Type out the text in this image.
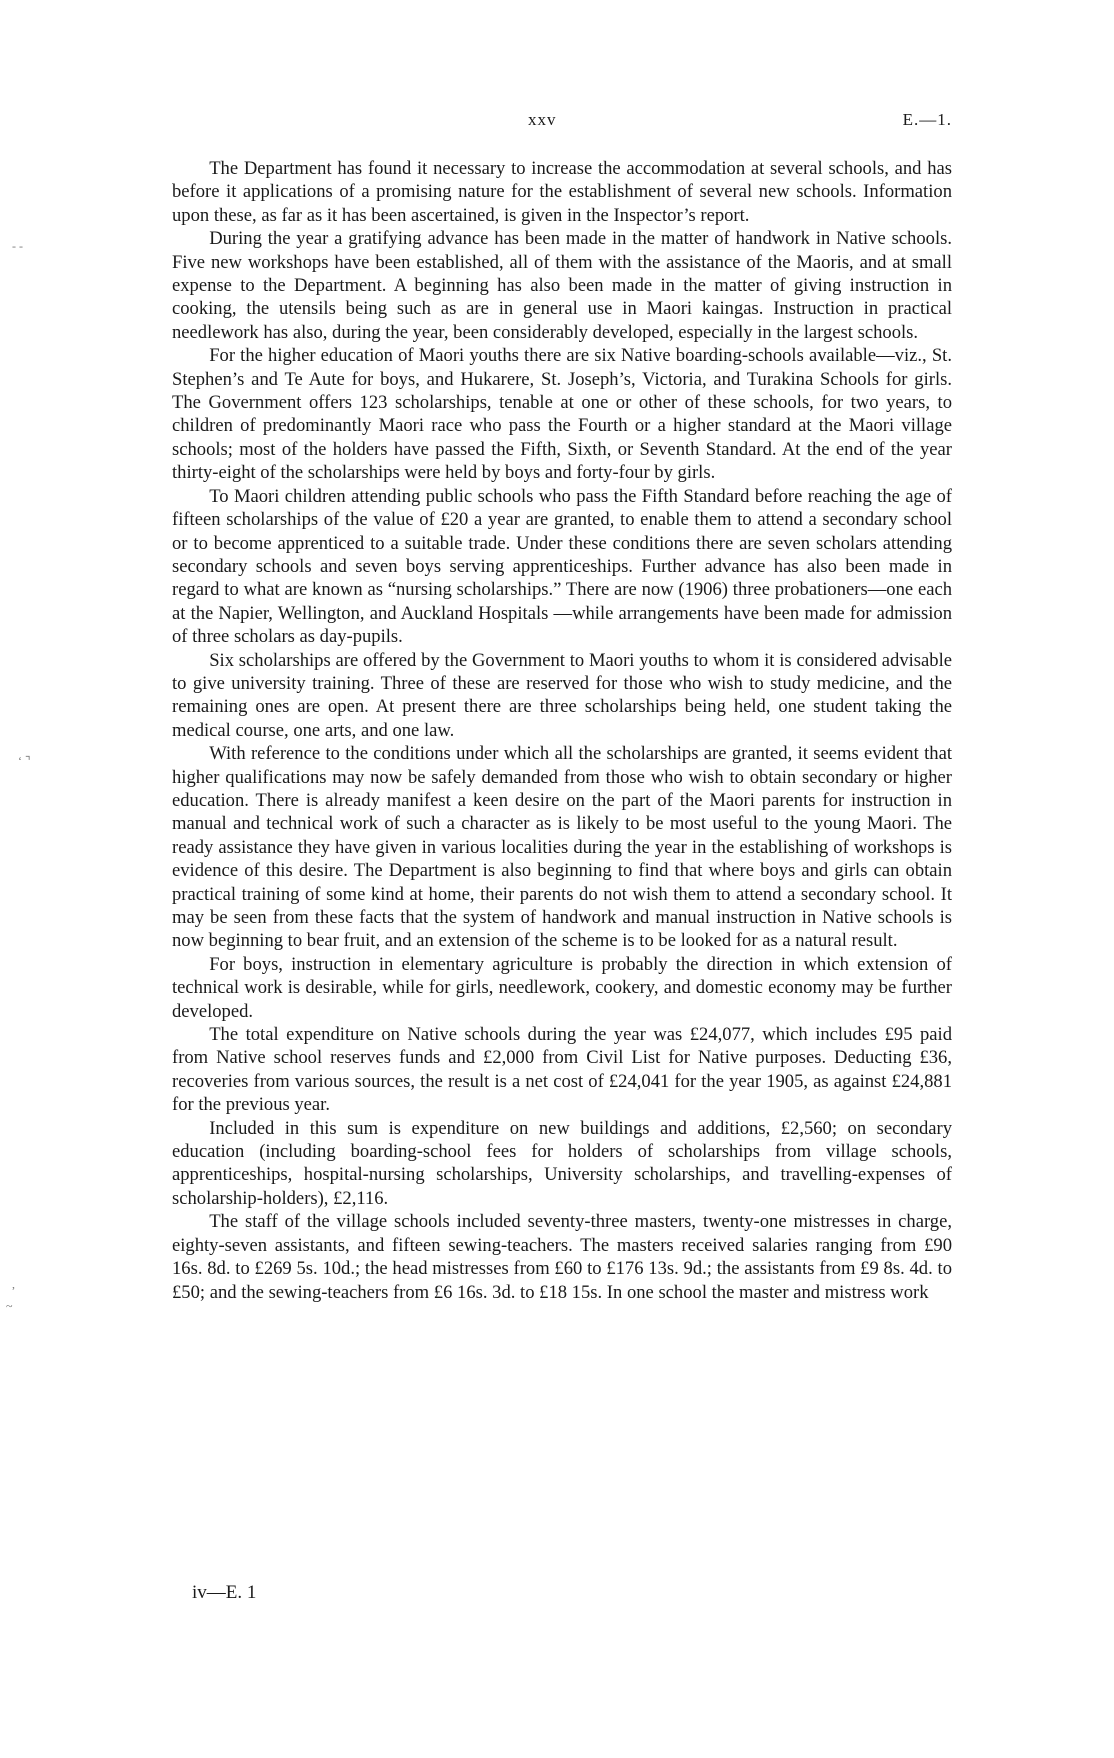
xxv	E.—1.
- -
‘ ⌝
,
~

The Department has found it necessary to increase the accommodation at several schools, and has before it applications of a promising nature for the establishment of several new schools. Information upon these, as far as it has been ascertained, is given in the Inspector’s report.

During the year a gratifying advance has been made in the matter of handwork in Native schools. Five new workshops have been established, all of them with the assistance of the Maoris, and at small expense to the Department. A beginning has also been made in the matter of giving instruction in cooking, the utensils being such as are in general use in Maori kaingas. Instruction in practical needlework has also, during the year, been considerably developed, especially in the largest schools.

For the higher education of Maori youths there are six Native boarding-schools available—viz., St. Stephen’s and Te Aute for boys, and Hukarere, St. Joseph’s, Victoria, and Turakina Schools for girls. The Government offers 123 scholarships, tenable at one or other of these schools, for two years, to children of predominantly Maori race who pass the Fourth or a higher standard at the Maori village schools; most of the holders have passed the Fifth, Sixth, or Seventh Standard. At the end of the year thirty-eight of the scholarships were held by boys and forty-four by girls.

To Maori children attending public schools who pass the Fifth Standard before reaching the age of fifteen scholarships of the value of £20 a year are granted, to enable them to attend a secondary school or to become apprenticed to a suitable trade. Under these conditions there are seven scholars attending secondary schools and seven boys serving apprenticeships. Further advance has also been made in regard to what are known as “nursing scholarships.” There are now (1906) three probationers—one each at the Napier, Wellington, and Auckland Hospitals —while arrangements have been made for admission of three scholars as day-pupils.

Six scholarships are offered by the Government to Maori youths to whom it is considered advisable to give university training. Three of these are reserved for those who wish to study medicine, and the remaining ones are open. At present there are three scholarships being held, one student taking the medical course, one arts, and one law.

With reference to the conditions under which all the scholarships are granted, it seems evident that higher qualifications may now be safely demanded from those who wish to obtain secondary or higher education. There is already manifest a keen desire on the part of the Maori parents for instruction in manual and technical work of such a character as is likely to be most useful to the young Maori. The ready assistance they have given in various localities during the year in the establishing of workshops is evidence of this desire. The Department is also beginning to find that where boys and girls can obtain practical training of some kind at home, their parents do not wish them to attend a secondary school. It may be seen from these facts that the system of handwork and manual instruction in Native schools is now beginning to bear fruit, and an extension of the scheme is to be looked for as a natural result.

For boys, instruction in elementary agriculture is probably the direction in which extension of technical work is desirable, while for girls, needlework, cookery, and domestic economy may be further developed.

The total expenditure on Native schools during the year was £24,077, which includes £95 paid from Native school reserves funds and £2,000 from Civil List for Native purposes. Deducting £36, recoveries from various sources, the result is a net cost of £24,041 for the year 1905, as against £24,881 for the previous year.

Included in this sum is expenditure on new buildings and additions, £2,560; on secondary education (including boarding-school fees for holders of scholarships from village schools, apprenticeships, hospital-nursing scholarships, University scholarships, and travelling-expenses of scholarship-holders), £2,116.

The staff of the village schools included seventy-three masters, twenty-one mistresses in charge, eighty-seven assistants, and fifteen sewing-teachers. The masters received salaries ranging from £90 16s. 8d. to £269 5s. 10d.; the head mistresses from £60 to £176 13s. 9d.; the assistants from £9 8s. 4d. to £50; and the sewing-teachers from £6 16s. 3d. to £18 15s. In one school the master and mistress work

iv—E. 1
